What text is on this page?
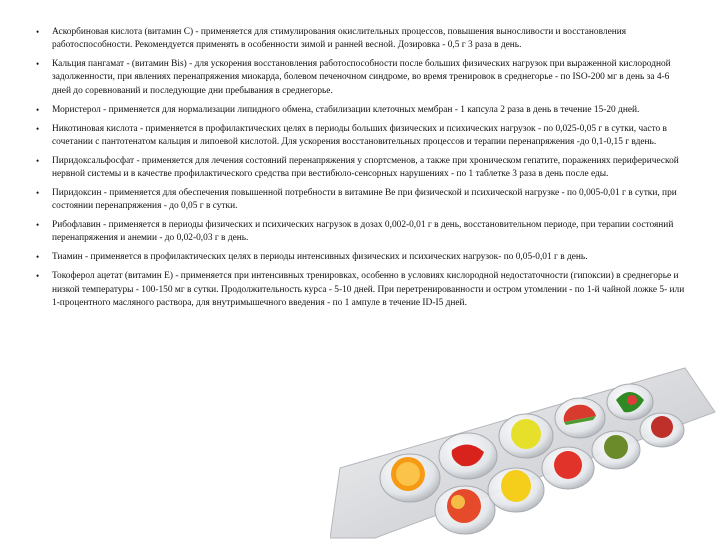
• Аскорбиновая кислота (витамин С) - применяется для стимулирования окислительных процессов, повышения выносливости и восстановления работоспособности. Рекомендуется применять в особенности зимой и ранней весной. Дозировка - 0,5 г 3 раза в день.
• Кальция пангамат - (витамин Bis) - для ускорения восстановления работоспособности после больших физических нагрузок при выраженной кислородной задолженности, при явлениях перенапряжения миокарда, болевом печеночном синдроме, во время тренировок в среднегорье - по ISO-200 мг в день за 4-6 дней до соревнований и последующие дни пребывания в среднегорье.
• Мористерол - применяется для нормализации липидного обмена, стабилизации клеточных мембран - 1 капсула 2 раза в день в течение 15-20 дней.
• Никотиновая кислота - применяется в профилактических целях в периоды больших физических и психических нагрузок - по 0,025-0,05 г в сутки, часто в сочетании с пантотенатом кальция и липоевой кислотой. Для ускорения восстановительных процессов и терапии перенапряжения -до 0,1-0,15 г вдень.
• Пиридоксальфосфат - применяется для лечения состояний перенапряжения у спортсменов, а также при хроническом гепатите, поражениях периферической нервной системы и в качестве профилактического средства при вестибюло-сенсорных нарушениях - по 1 таблетке 3 раза в день после еды.
• Пиридоксин - применяется для обеспечения повышенной потребности в витамине Ве при физической и психической нагрузке - по 0,005-0,01 г в сутки, при состоянии перенапряжения - до 0,05 г в сутки.
• Рибофлавин - применяется в периоды физических и психических нагрузок в дозах 0,002-0,01 г в день, восстановительном периоде, при терапии состояний перенапряжения и анемии - до 0,02-0,03 г в день.
• Тиамин - применяется в профилактических целях в периоды интенсивных физических и психических нагрузок- по 0,05-0,01 г в день.
• Токоферол ацетат (витамин Е) - применяется при интенсивных тренировках, особенно в условиях кислородной недостаточности (гипоксии) в среднегорье и низкой температуры - 100-150 мг в сутки. Продолжительность курса - 5-10 дней. При перетренированности и остром утомлении - по 1-й чайной ложке 5- или 1-процентного масляного раствора, для внутримышечного введения - по 1 ампуле в течение ID-I5 дней.
